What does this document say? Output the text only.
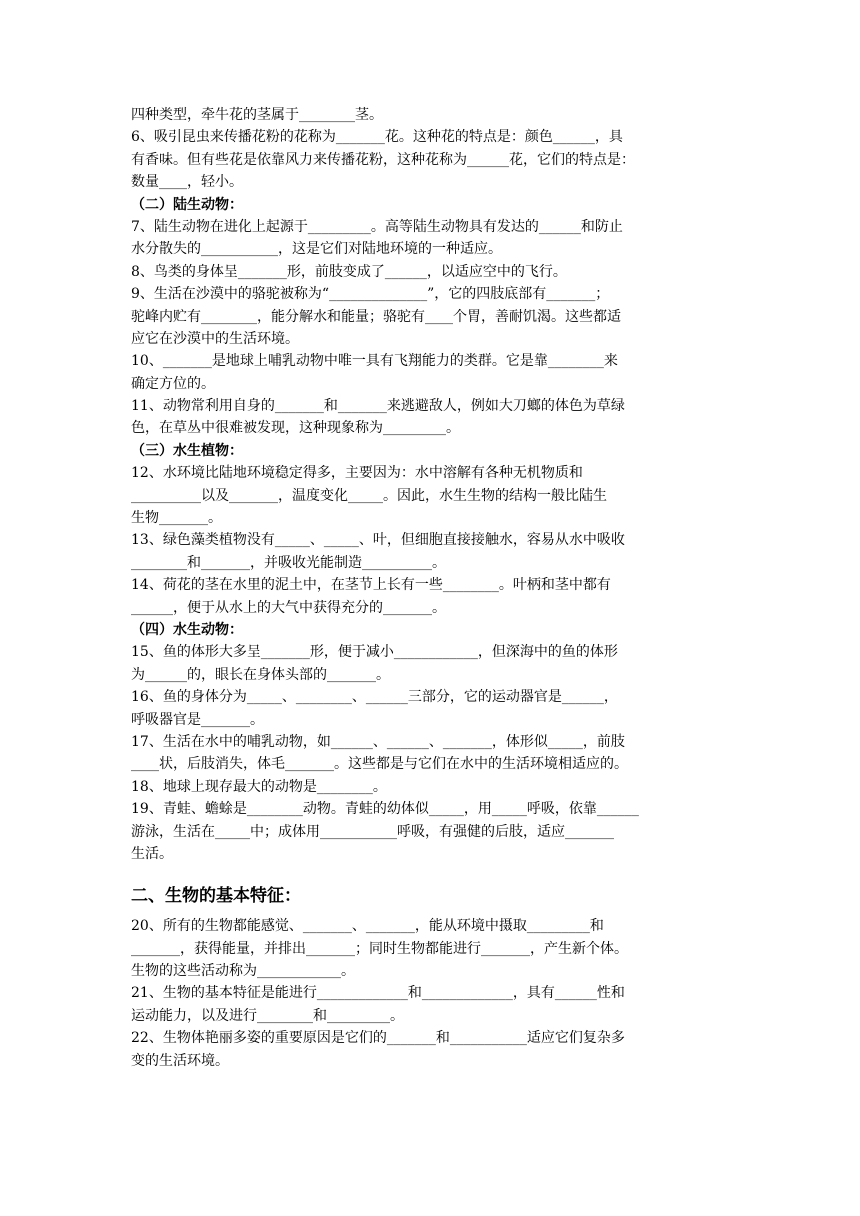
四种类型，牵牛花的茎属于________茎。
6、吸引昆虫来传播花粉的花称为_______花。这种花的特点是：颜色______，具
有香味。但有些花是依靠风力来传播花粉，这种花称为______花，它们的特点是：
数量____，轻小。
（二）陆生动物：
7、陆生动物在进化上起源于_________。高等陆生动物具有发达的______和防止
水分散失的___________，这是它们对陆地环境的一种适应。
8、鸟类的身体呈_______形，前肢变成了______，以适应空中的飞行。
9、生活在沙漠中的骆驼被称为“______________”，它的四肢底部有_______；
驼峰内贮有________，能分解水和能量；骆驼有____个胃，善耐饥渴。这些都适
应它在沙漠中的生活环境。
10、_______是地球上哺乳动物中唯一具有飞翔能力的类群。它是靠________来
确定方位的。
11、动物常利用自身的_______和_______来逃避敌人，例如大刀螂的体色为草绿
色，在草丛中很难被发现，这种现象称为_________。
（三）水生植物：
12、水环境比陆地环境稳定得多，主要因为：水中溶解有各种无机物质和
__________以及_______，温度变化_____。因此，水生生物的结构一般比陆生
生物_______。
13、绿色藻类植物没有_____、_____、叶，但细胞直接接触水，容易从水中吸收
________和_______，并吸收光能制造__________。
14、荷花的茎在水里的泥土中，在茎节上长有一些________。叶柄和茎中都有
______，便于从水上的大气中获得充分的_______。
（四）水生动物：
15、鱼的体形大多呈_______形，便于减小____________，但深海中的鱼的体形
为______的，眼长在身体头部的_______。
16、鱼的身体分为_____、________、______三部分，它的运动器官是______，
呼吸器官是_______。
17、生活在水中的哺乳动物，如______、______、_______，体形似_____，前肢
____状，后肢消失，体毛_______。这些都是与它们在水中的生活环境相适应的。
18、地球上现存最大的动物是________。
19、青蛙、蟾蜍是________动物。青蛙的幼体似_____，用_____呼吸，依靠______
游泳，生活在_____中；成体用___________呼吸，有强健的后肢，适应_______
生活。
二、生物的基本特征：
20、所有的生物都能感觉、_______、_______，能从环境中摄取_________和
_______，获得能量，并排出_______；同时生物都能进行_______，产生新个体。
生物的这些活动称为____________。
21、生物的基本特征是能进行_____________和_____________，具有______性和
运动能力，以及进行________和_________。
22、生物体艳丽多姿的重要原因是它们的_______和___________适应它们复杂多
变的生活环境。
